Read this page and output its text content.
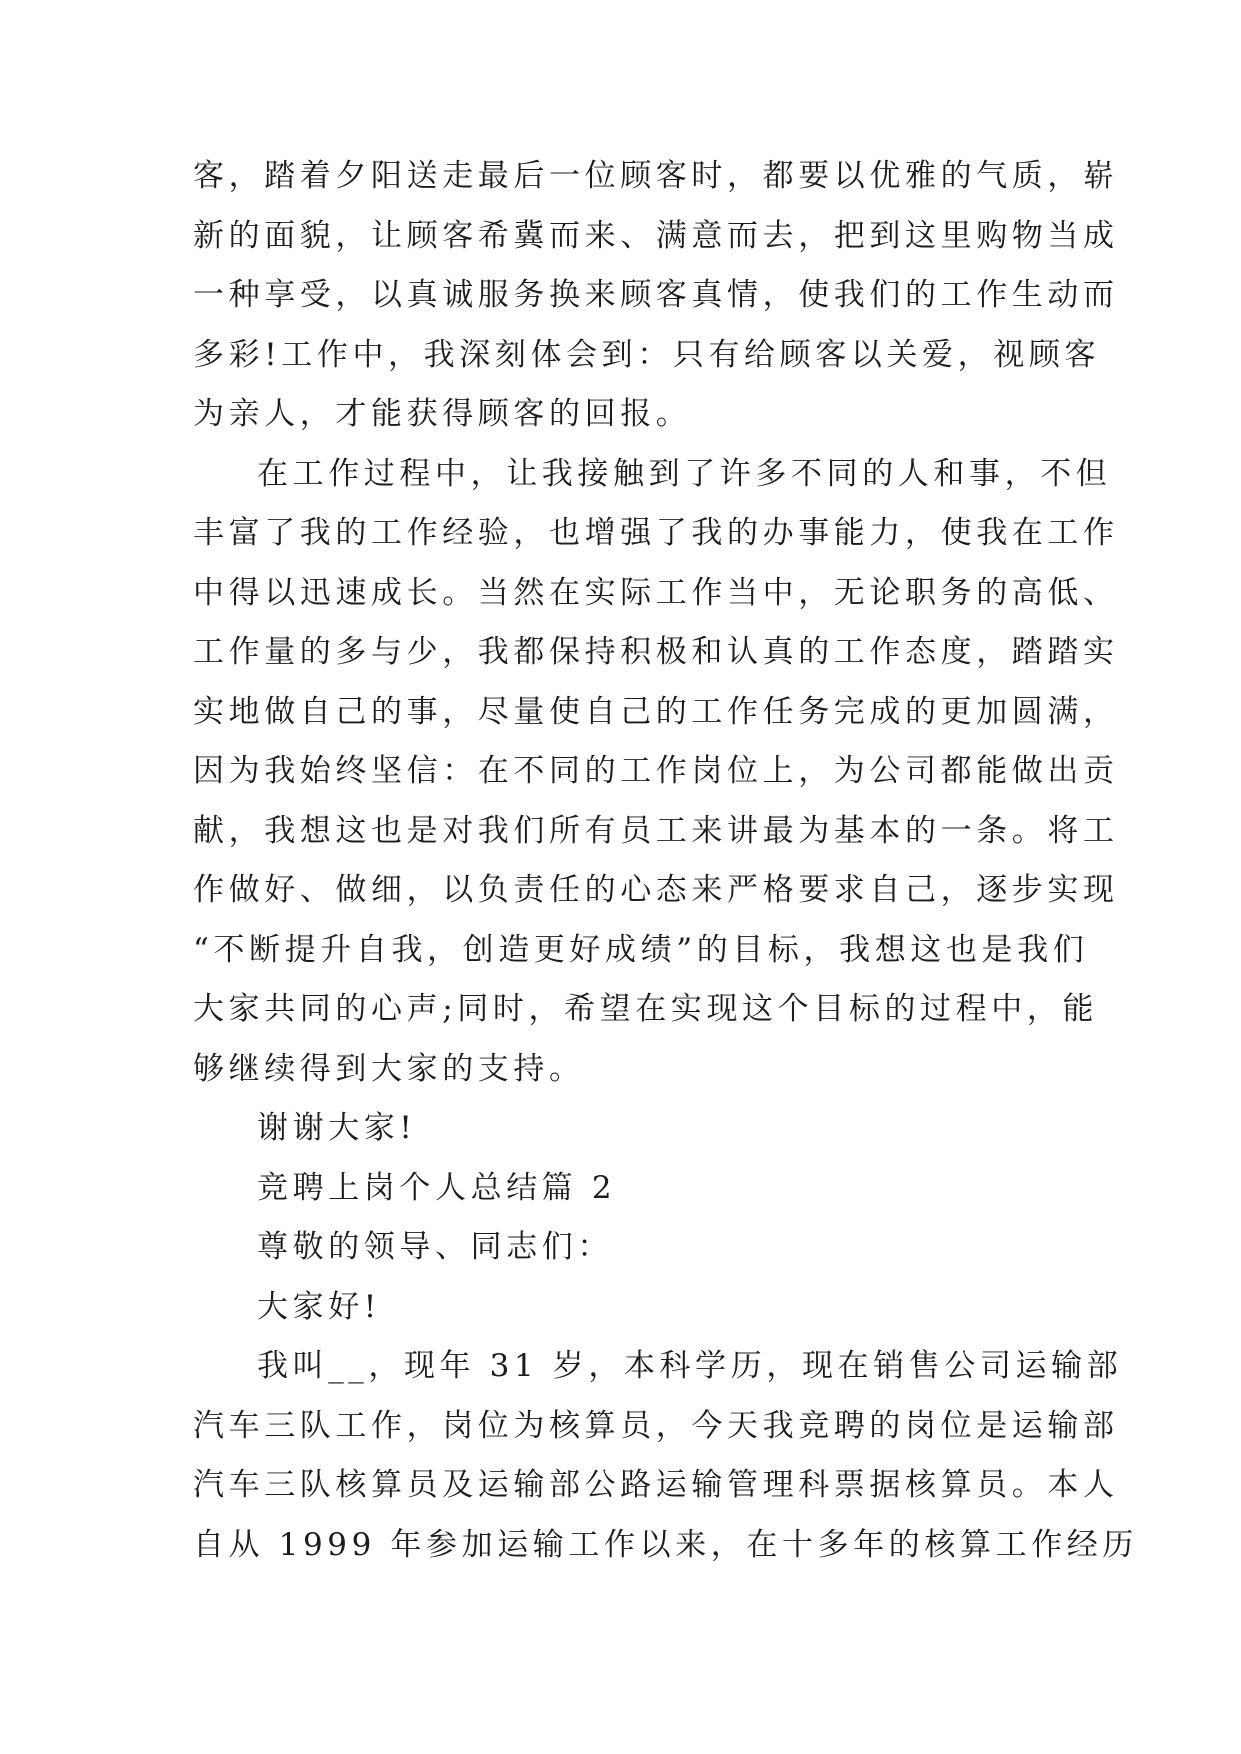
客，踏着夕阳送走最后一位顾客时，都要以优雅的气质，崭
新的面貌，让顾客希冀而来、满意而去，把到这里购物当成
一种享受，以真诚服务换来顾客真情，使我们的工作生动而
多彩!工作中，我深刻体会到：只有给顾客以关爱，视顾客
为亲人，才能获得顾客的回报。
在工作过程中，让我接触到了许多不同的人和事，不但
丰富了我的工作经验，也增强了我的办事能力，使我在工作
中得以迅速成长。当然在实际工作当中，无论职务的高低、
工作量的多与少，我都保持积极和认真的工作态度，踏踏实
实地做自己的事，尽量使自己的工作任务完成的更加圆满，
因为我始终坚信：在不同的工作岗位上，为公司都能做出贡
献，我想这也是对我们所有员工来讲最为基本的一条。将工
作做好、做细，以负责任的心态来严格要求自己，逐步实现
“不断提升自我，创造更好成绩”的目标，我想这也是我们
大家共同的心声;同时，希望在实现这个目标的过程中，能
够继续得到大家的支持。
谢谢大家!
竞聘上岗个人总结篇 2
尊敬的领导、同志们：
大家好!
我叫__，现年 31 岁，本科学历，现在销售公司运输部
汽车三队工作，岗位为核算员，今天我竞聘的岗位是运输部
汽车三队核算员及运输部公路运输管理科票据核算员。本人
自从 1999 年参加运输工作以来，在十多年的核算工作经历
